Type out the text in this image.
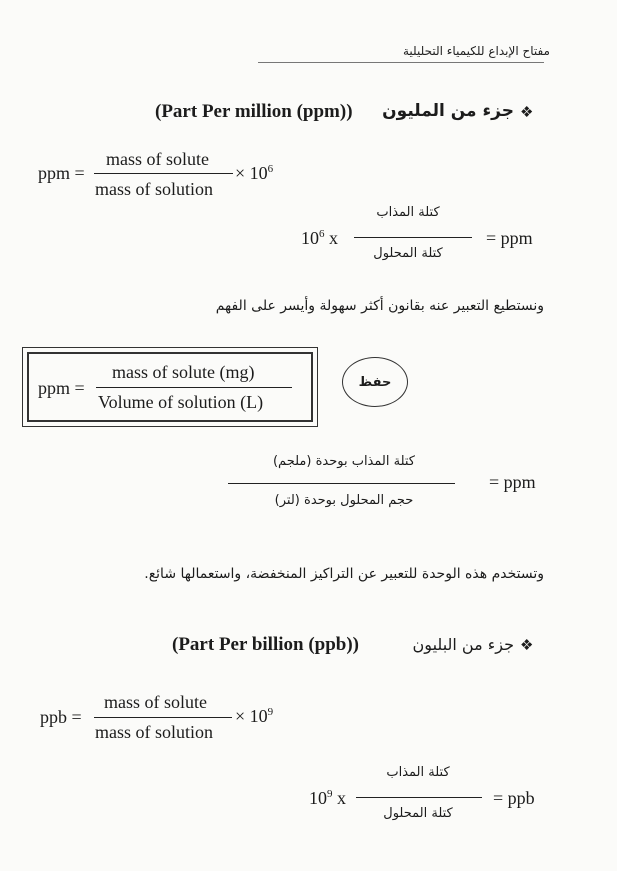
مفتاح الإبداع للكيمياء التحليلية
(Part Per million (ppm)) جزء من المليون ❖
ppm =
mass of solute
mass of solution
× $10^6$
كتلة المذاب
$10^6$ x
كتلة المحلول
= ppm
ونستطيع التعبير عنه بقانون أكثر سهولة وأيسر على الفهم
ppm =
mass of solute (mg)
Volume of solution (L)
حفظ
كتلة المذاب بوحدة (ملجم)
حجم المحلول بوحدة (لتر)
= ppm
وتستخدم هذه الوحدة للتعبير عن التراكيز المنخفضة، واستعمالها شائع.
(Part Per billion (ppb))	جزء من البليون ❖
ppb =
mass of solute
mass of solution
× $10^9$
كتلة المذاب
$10^9$ x
كتلة المحلول
= ppb
